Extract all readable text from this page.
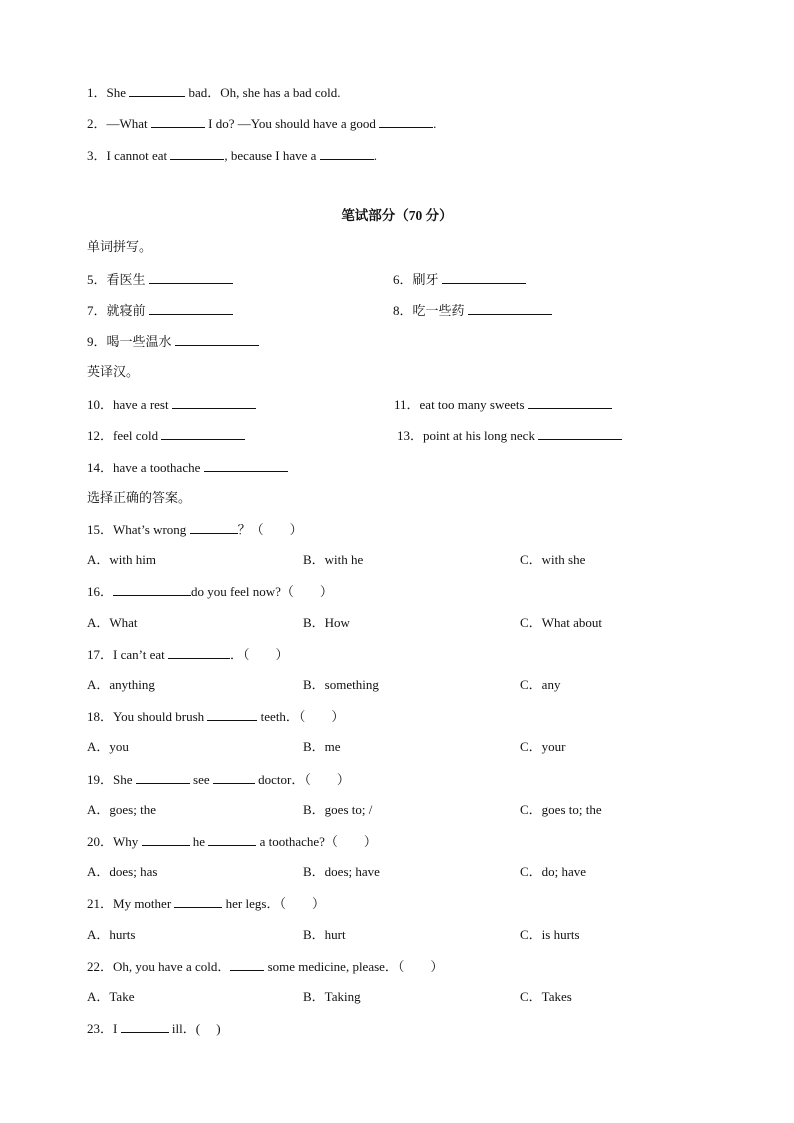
1．She	bad．Oh, she has a bad cold.
2．—What	I do? —You should have a good	.
3．I cannot eat	, because I have a	.
笔试部分（70 分）
单词拼写。
5．看医生	6．刷牙
7．就寝前	8．吃一些药
9．喝一些温水
英译汉。
10．have a rest	11．eat too many sweets
12．feel cold	13．point at his long neck
14．have a toothache
选择正确的答案。
15．What’s wrong	？（　　）
A．with him	B．with he	C．with she
16．	do you feel now?（　　）
A．What	B．How	C．What about
17．I can’t eat	．（　　）
A．anything	B．something	C．any
18．You should brush	teeth．（　　）
A．you	B．me	C．your
19．She	see	doctor．（　　）
A．goes; the	B．goes to; /	C．goes to; the
20．Why	he	a toothache?（　　）
A．does; has	B．does; have	C．do; have
21．My mother	her legs．（　　）
A．hurts	B．hurt	C．is hurts
22．Oh, you have a cold．	some medicine, please．（　　）
A．Take	B．Taking	C．Takes
23．I	ill．(　 )
